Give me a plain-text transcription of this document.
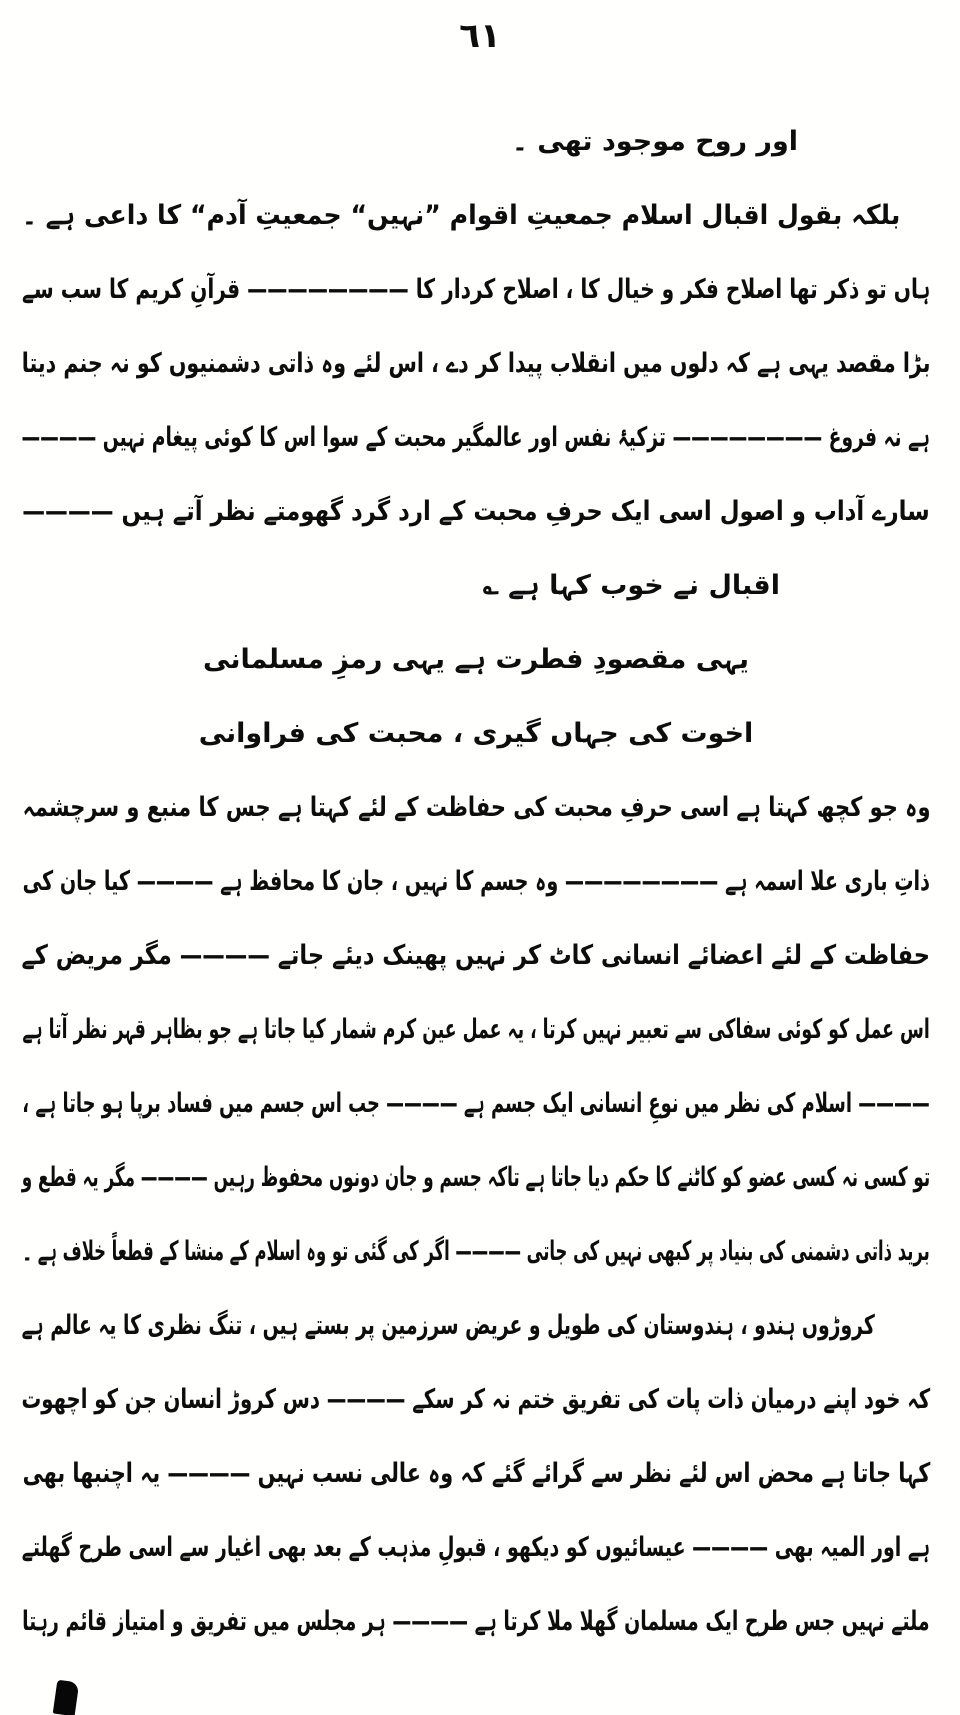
٦١
اور روح موجود تھی ۔
بلکہ بقول اقبال اسلام جمعیتِ اقوام ”نہیں“ جمعیتِ آدم“ کا داعی ہے ۔
ہاں تو ذکر تھا اصلاح فکر و خیال کا ، اصلاح کردار کا ———————— قرآنِ کریم کا سب سے
بڑا مقصد یہی ہے کہ دلوں میں انقلاب پیدا کر دے ، اس لئے وہ ذاتی دشمنیوں کو نہ جنم دیتا
ہے نہ فروغ ———————— تزکیۂ نفس اور عالمگیر محبت کے سوا اس کا کوئی پیغام نہیں ————
سارے آداب و اصول اسی ایک حرفِ محبت کے ارد گرد گھومتے نظر آتے ہیں ————
اقبال نے خوب کہا ہے ؎
یہی مقصودِ فطرت ہے یہی رمزِ مسلمانی
اخوت کی جہاں گیری ، محبت کی فراوانی
وہ جو کچھ کہتا ہے اسی حرفِ محبت کی حفاظت کے لئے کہتا ہے جس کا منبع و سرچشمہ
ذاتِ باری علا اسمہ ہے ———————— وہ جسم کا نہیں ، جان کا محافظ ہے ———— کیا جان کی
حفاظت کے لئے اعضائے انسانی کاٹ کر نہیں پھینک دیئے جاتے ———— مگر مریض کے
اس عمل کو کوئی سفاکی سے تعبیر نہیں کرتا ، یہ عمل عین کرم شمار کیا جاتا ہے جو بظاہر قہر نظر آتا ہے
———— اسلام کی نظر میں نوعِ انسانی ایک جسم ہے ———— جب اس جسم میں فساد برپا ہو جاتا ہے ،
تو کسی نہ کسی عضو کو کاٹنے کا حکم دیا جاتا ہے تاکہ جسم و جان دونوں محفوظ رہیں ———— مگر یہ قطع و
برید ذاتی دشمنی کی بنیاد پر کبھی نہیں کی جاتی ———— اگر کی گئی تو وہ اسلام کے منشا کے قطعاً خلاف ہے ۔
کروڑوں ہندو ، ہندوستان کی طویل و عریض سرزمین پر بستے ہیں ، تنگ نظری کا یہ عالم ہے
کہ خود اپنے درمیان ذات پات کی تفریق ختم نہ کر سکے ———— دس کروڑ انسان جن کو اچھوت
کہا جاتا ہے محض اس لئے نظر سے گرائے گئے کہ وہ عالی نسب نہیں ———— یہ اچنبھا بھی
ہے اور المیہ بھی ———— عیسائیوں کو دیکھو ، قبولِ مذہب کے بعد بھی اغیار سے اسی طرح گھلتے
ملتے نہیں جس طرح ایک مسلمان گھلا ملا کرتا ہے ———— ہر مجلس میں تفریق و امتیاز قائم رہتا
